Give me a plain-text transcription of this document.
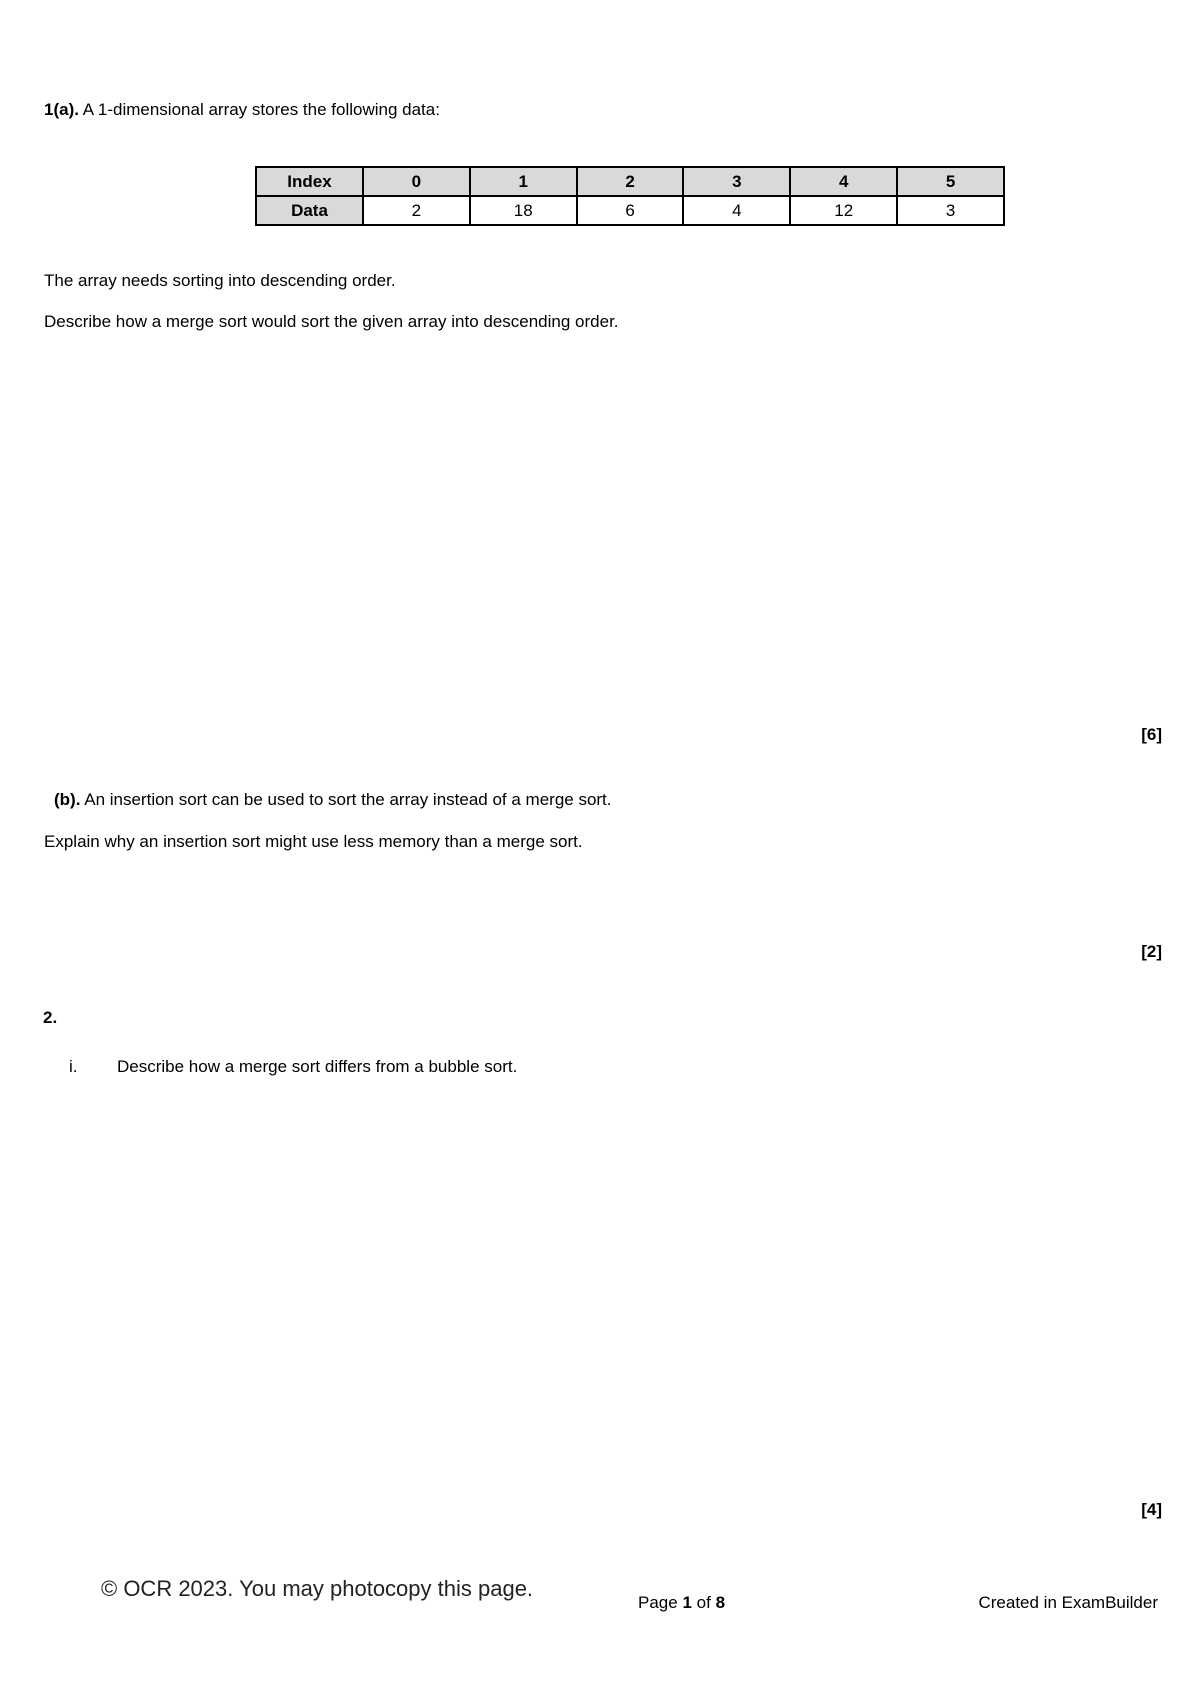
1(a). A 1-dimensional array stores the following data:
Index	0	1	2	3	4	5
Data	2	18	6	4	12	3
The array needs sorting into descending order.
Describe how a merge sort would sort the given array into descending order.
[6]
(b). An insertion sort can be used to sort the array instead of a merge sort.
Explain why an insertion sort might use less memory than a merge sort.
[2]
2.
i. Describe how a merge sort differs from a bubble sort.
[4]
© OCR 2023. You may photocopy this page.
Page 1 of 8	Created in ExamBuilder
